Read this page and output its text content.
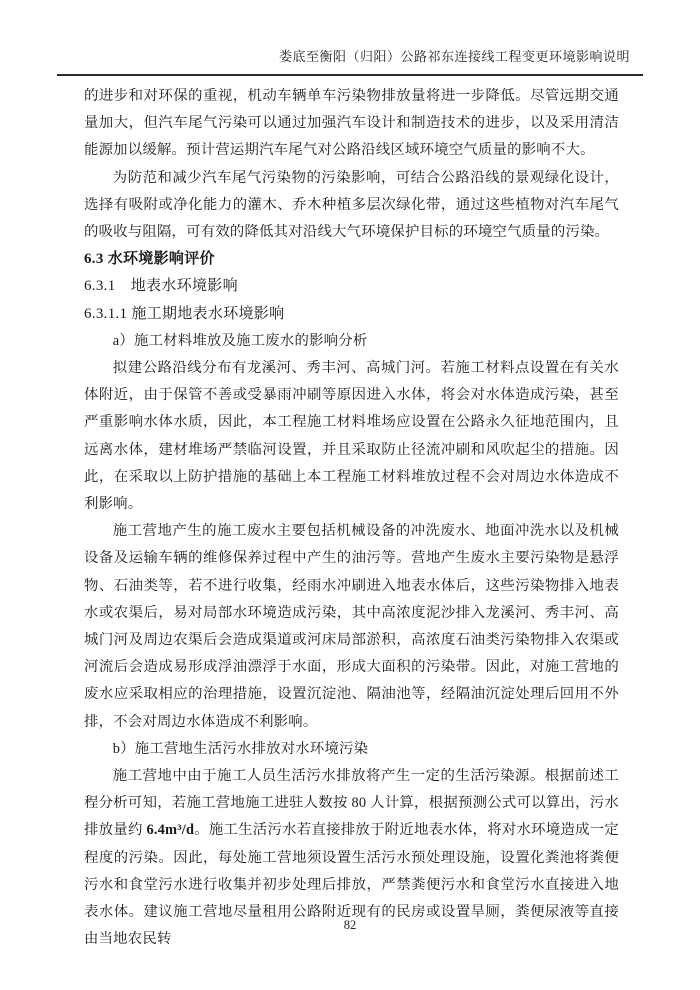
娄底至衡阳（归阳）公路祁东连接线工程变更环境影响说明

的进步和对环保的重视，机动车辆单车污染物排放量将进一步降低。尽管远期交通量加大，但汽车尾气污染可以通过加强汽车设计和制造技术的进步，以及采用清洁能源加以缓解。预计营运期汽车尾气对公路沿线区域环境空气质量的影响不大。

为防范和减少汽车尾气污染物的污染影响，可结合公路沿线的景观绿化设计，选择有吸附或净化能力的灌木、乔木种植多层次绿化带，通过这些植物对汽车尾气的吸收与阻隔，可有效的降低其对沿线大气环境保护目标的环境空气质量的污染。

6.3 水环境影响评价
6.3.1　地表水环境影响
6.3.1.1 施工期地表水环境影响

a）施工材料堆放及施工废水的影响分析

拟建公路沿线分布有龙溪河、秀丰河、高城门河。若施工材料点设置在有关水体附近，由于保管不善或受暴雨冲刷等原因进入水体，将会对水体造成污染，甚至严重影响水体水质，因此，本工程施工材料堆场应设置在公路永久征地范围内，且远离水体，建材堆场严禁临河设置，并且采取防止径流冲刷和风吹起尘的措施。因此，在采取以上防护措施的基础上本工程施工材料堆放过程不会对周边水体造成不利影响。

施工营地产生的施工废水主要包括机械设备的冲洗废水、地面冲洗水以及机械设备及运输车辆的维修保养过程中产生的油污等。营地产生废水主要污染物是悬浮物、石油类等，若不进行收集，经雨水冲刷进入地表水体后，这些污染物排入地表水或农渠后，易对局部水环境造成污染，其中高浓度泥沙排入龙溪河、秀丰河、高城门河及周边农渠后会造成渠道或河床局部淤积，高浓度石油类污染物排入农渠或河流后会造成易形成浮油漂浮于水面，形成大面积的污染带。因此，对施工营地的废水应采取相应的治理措施，设置沉淀池、隔油池等，经隔油沉淀处理后回用不外排，不会对周边水体造成不利影响。

b）施工营地生活污水排放对水环境污染

施工营地中由于施工人员生活污水排放将产生一定的生活污染源。根据前述工程分析可知，若施工营地施工进驻人数按 80 人计算，根据预测公式可以算出，污水排放量约 6.4m³/d。施工生活污水若直接排放于附近地表水体，将对水环境造成一定程度的污染。因此，每处施工营地须设置生活污水预处理设施，设置化粪池将粪便污水和食堂污水进行收集并初步处理后排放，严禁粪便污水和食堂污水直接进入地表水体。建议施工营地尽量租用公路附近现有的民房或设置旱厕，粪便尿液等直接由当地农民转

82
